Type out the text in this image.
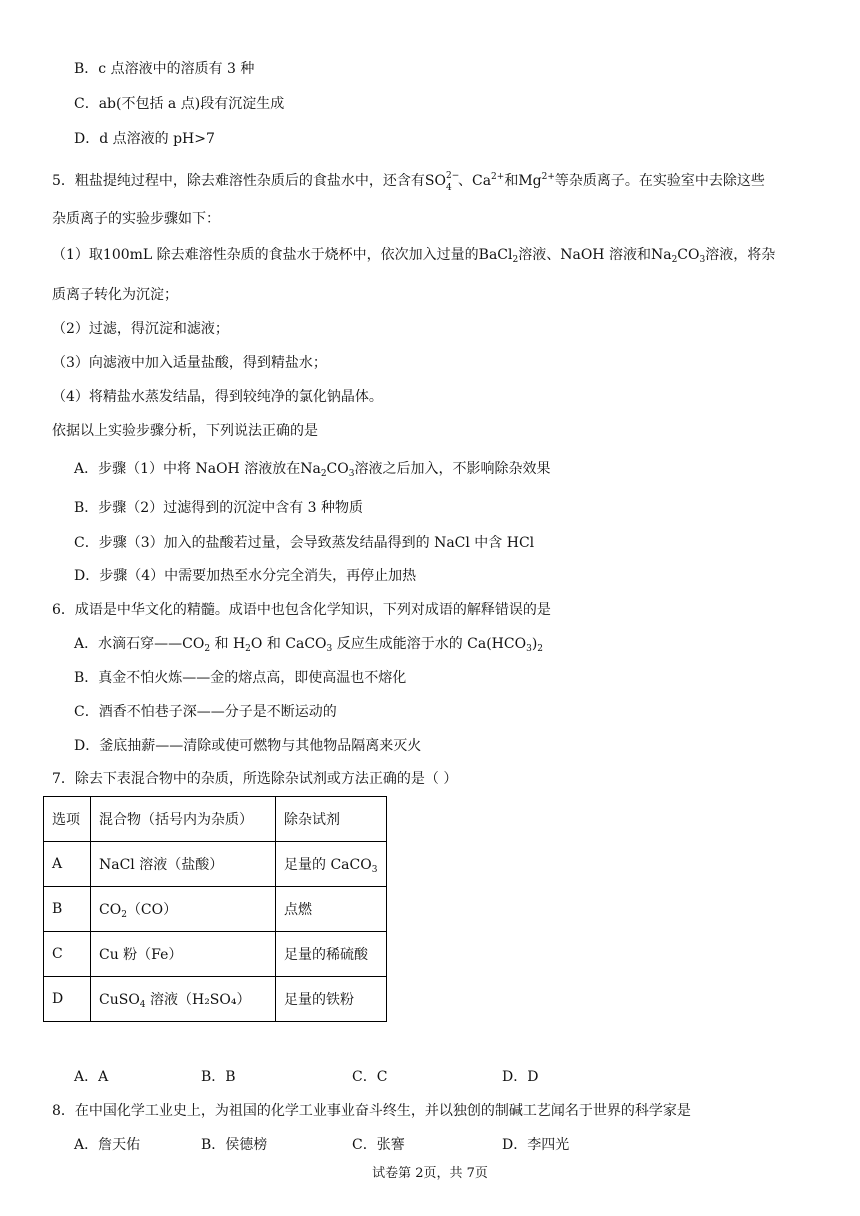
B．c 点溶液中的溶质有 3 种
C．ab(不包括 a 点)段有沉淀生成
D．d 点溶液的 pH>7
5．粗盐提纯过程中，除去难溶性杂质后的食盐水中，还含有SO 2−
4 、$Ca^{2+}$和$Mg^{2+}$等杂质离子。在实验室中去除这些
杂质离子的实验步骤如下：
（1）取100mL 除去难溶性杂质的食盐水于烧杯中，依次加入过量的BaCl$_2$溶液、NaOH 溶液和$Na_2CO_3$溶液，将杂
质离子转化为沉淀；
（2）过滤，得沉淀和滤液；
（3）向滤液中加入适量盐酸，得到精盐水；
（4）将精盐水蒸发结晶，得到较纯净的氯化钠晶体。
依据以上实验步骤分析，下列说法正确的是
A．步骤（1）中将 NaOH 溶液放在$Na_2CO_3$溶液之后加入，不影响除杂效果
B．步骤（2）过滤得到的沉淀中含有 3 种物质
C．步骤（3）加入的盐酸若过量，会导致蒸发结晶得到的 NaCl 中含 HCl
D．步骤（4）中需要加热至水分完全消失，再停止加热
6．成语是中华文化的精髓。成语中也包含化学知识，下列对成语的解释错误的是
A．水滴石穿$——CO_2$ 和 $H_2O$ 和 CaCO$_3$ 反应生成能溶于水的 $Ca(HCO_3)_2$
B．真金不怕火炼——金的熔点高，即使高温也不熔化
C．酒香不怕巷子深——分子是不断运动的
D．釜底抽薪——清除或使可燃物与其他物品隔离来灭火
7．除去下表混合物中的杂质，所选除杂试剂或方法正确的是（ ）
选项	混合物（括号内为杂质）	除杂试剂
A	NaCl 溶液（盐酸）	足量的 CaCO$_3$
B	$CO_2(CO)$	点燃
C	Cu 粉（Fe）	足量的稀硫酸
D	CuSO$_4$ 溶液（H₂SO₄）	足量的铁粉
A．A	B．B	C．C	D．D
8．在中国化学工业史上，为祖国的化学工业事业奋斗终生，并以独创的制碱工艺闻名于世界的科学家是
A．詹天佑	B．侯德榜	C．张謇	D．李四光
试卷第 2页，共 7页
